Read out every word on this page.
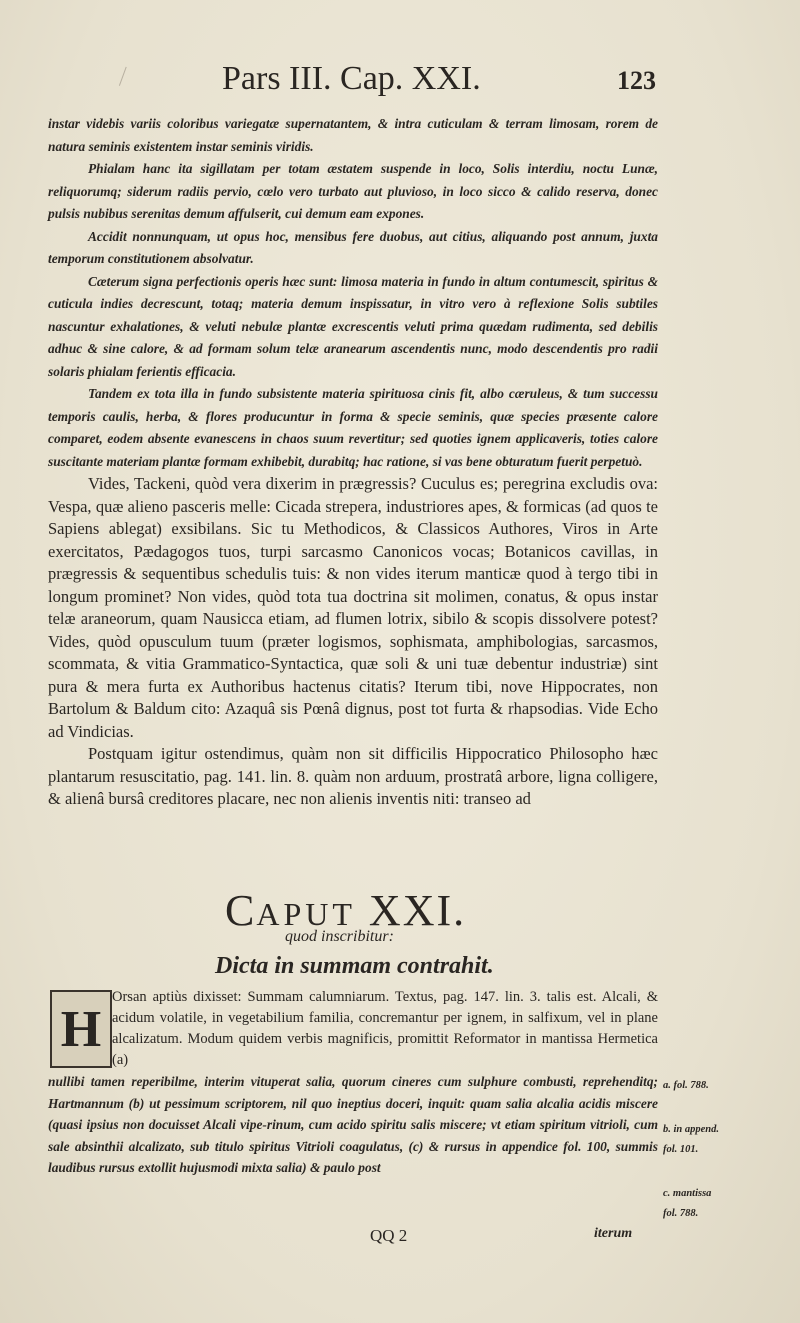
Pars III. Cap. XXI.	123

instar videbis variis coloribus variegatæ supernatantem, & intra cuticulam & terram limosam, rorem de natura seminis existentem instar seminis viridis.

Phialam hanc ita sigillatam per totam æstatem suspende in loco, Solis interdiu, noctu Lunæ, reliquorumq; siderum radiis pervio, cœlo vero turbato aut pluvioso, in loco sicco & calido reserva, donec pulsis nubibus serenitas demum affulserit, cui demum eam expones.

Accidit nonnunquam, ut opus hoc, mensibus fere duobus, aut citius, aliquando post annum, juxta temporum constitutionem absolvatur.

Cæterum signa perfectionis operis hæc sunt: limosa materia in fundo in altum contumescit, spiritus & cuticula indies decrescunt, totaq; materia demum inspissatur, in vitro vero à reflexione Solis subtiles nascuntur exhalationes, & veluti nebulæ plantæ excrescentis veluti prima quædam rudimenta, sed debilis adhuc & sine calore, & ad formam solum telæ aranearum ascendentis nunc, modo descendentis pro radii solaris phialam ferientis efficacia.

Tandem ex tota illa in fundo subsistente materia spirituosa cinis fit, albo cæruleus, & tum successu temporis caulis, herba, & flores producuntur in forma & specie seminis, quæ species præsente calore comparet, eodem absente evanescens in chaos suum revertitur; sed quoties ignem applicaveris, toties calore suscitante materiam plantæ formam exhibebit, durabitq; hac ratione, si vas bene obturatum fuerit perpetuò.

Vides, Tackeni, quòd vera dixerim in prægressis? Cuculus es; peregrina excludis ova: Vespa, quæ alieno pasceris melle: Cicada strepera, industriores apes, & formicas (ad quos te Sapiens ablegat) exsibilans. Sic tu Methodicos, & Classicos Authores, Viros in Arte exercitatos, Pædagogos tuos, turpi sarcasmo Canonicos vocas; Botanicos cavillas, in prægressis & sequentibus schedulis tuis: & non vides iterum manticæ quod à tergo tibi in longum prominet? Non vides, quòd tota tua doctrina sit molimen, conatus, & opus instar telæ araneorum, quam Nausicca etiam, ad flumen lotrix, sibilo & scopis dissolvere potest? Vides, quòd opusculum tuum (præter logismos, sophismata, amphibologias, sarcasmos, scommata, & vitia Grammatico-Syntactica, quæ soli & uni tuæ debentur industriæ) sint pura & mera furta ex Authoribus hactenus citatis? Iterum tibi, nove Hippocrates, non Bartolum & Baldum cito: Azaquâ sis Pœnâ dignus, post tot furta & rhapsodias. Vide Echo ad Vindicias.

Postquam igitur ostendimus, quàm non sit difficilis Hippocratico Philosopho hæc plantarum resuscitatio, pag. 141. lin. 8. quàm non arduum, prostratâ arbore, ligna colligere, & alienâ bursâ creditores placare, nec non alienis inventis niti: transeo ad

CAPUT XXI.
quod inscribitur:
Dicta in summam contrahit.
H

Orsan aptiùs dixisset: Summam calumniarum. Textus, pag. 147. lin. 3. talis est. Alcali, & acidum volatile, in vegetabilium familia, concremantur per ignem, in salfixum, vel in plane alcalizatum. Modum quidem verbis magnificis, promittit Reformator in mantissa Hermetica (a)

nullibi tamen reperibilme, interim vituperat salia, quorum cineres cum sulphure combusti, reprehenditq; Hartmannum (b) ut pessimum scriptorem, nil quo ineptius doceri, inquit: quam salia alcalia acidis miscere (quasi ipsius non docuisset Alcali vipe-rinum, cum acido spiritu salis miscere; vt etiam spiritum vitrioli, cum sale absinthii alcalizato, sub titulo spiritus Vitrioli coagulatus, (c) & rursus in appendice fol. 100, summis laudibus rursus extollit hujusmodi mixta salia) & paulo post

a. fol. 788.
b. in append.
fol. 101.
c. mantissa
fol. 788.
QQ 2	iterum
